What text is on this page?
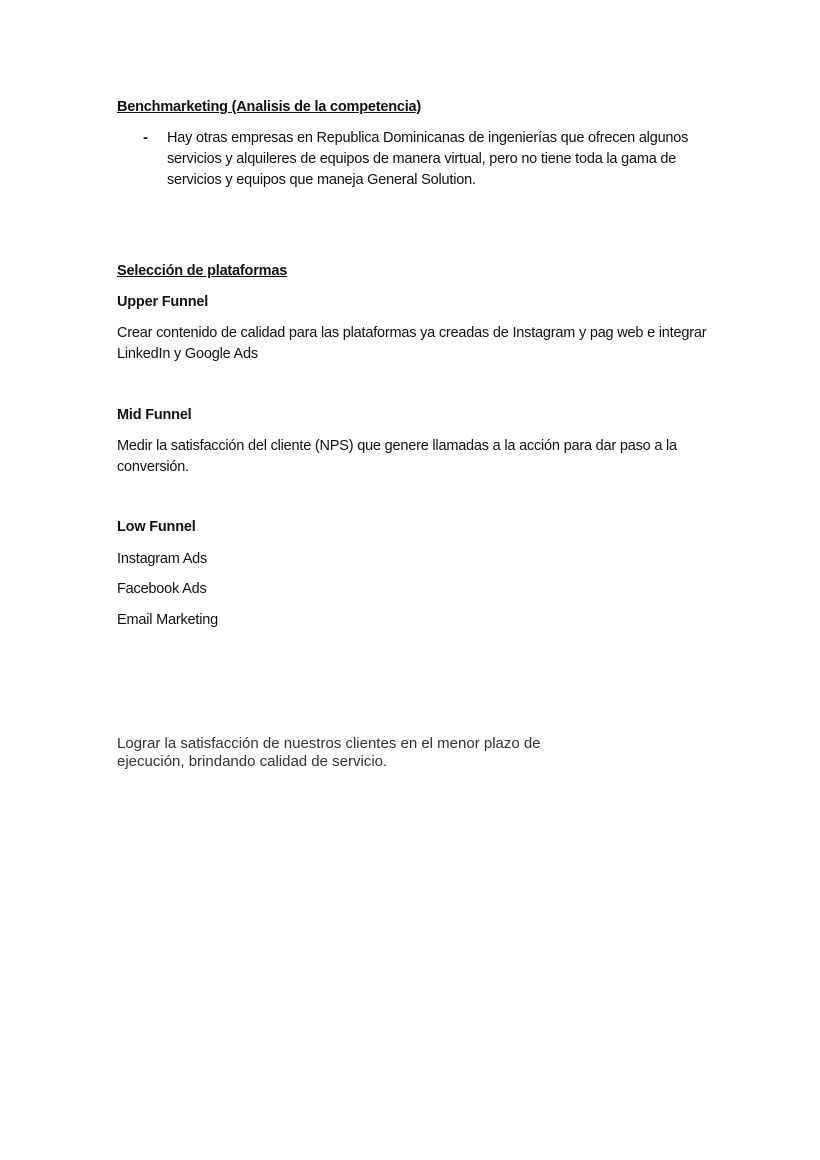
Benchmarketing (Analisis de la competencia)
- Hay otras empresas en Republica Dominicanas de ingenierías que ofrecen algunos
servicios y alquileres de equipos de manera virtual, pero no tiene toda la gama de
servicios y equipos que maneja General Solution.
Selección de plataformas
Upper Funnel
Crear contenido de calidad para las plataformas ya creadas de Instagram y pag web e integrar
LinkedIn y Google Ads
Mid Funnel
Medir la satisfacción del cliente (NPS) que genere llamadas a la acción para dar paso a la
conversión.
Low Funnel
Instagram Ads
Facebook Ads
Email Marketing
Lograr la satisfacción de nuestros clientes en el menor plazo de
ejecución, brindando calidad de servicio.
